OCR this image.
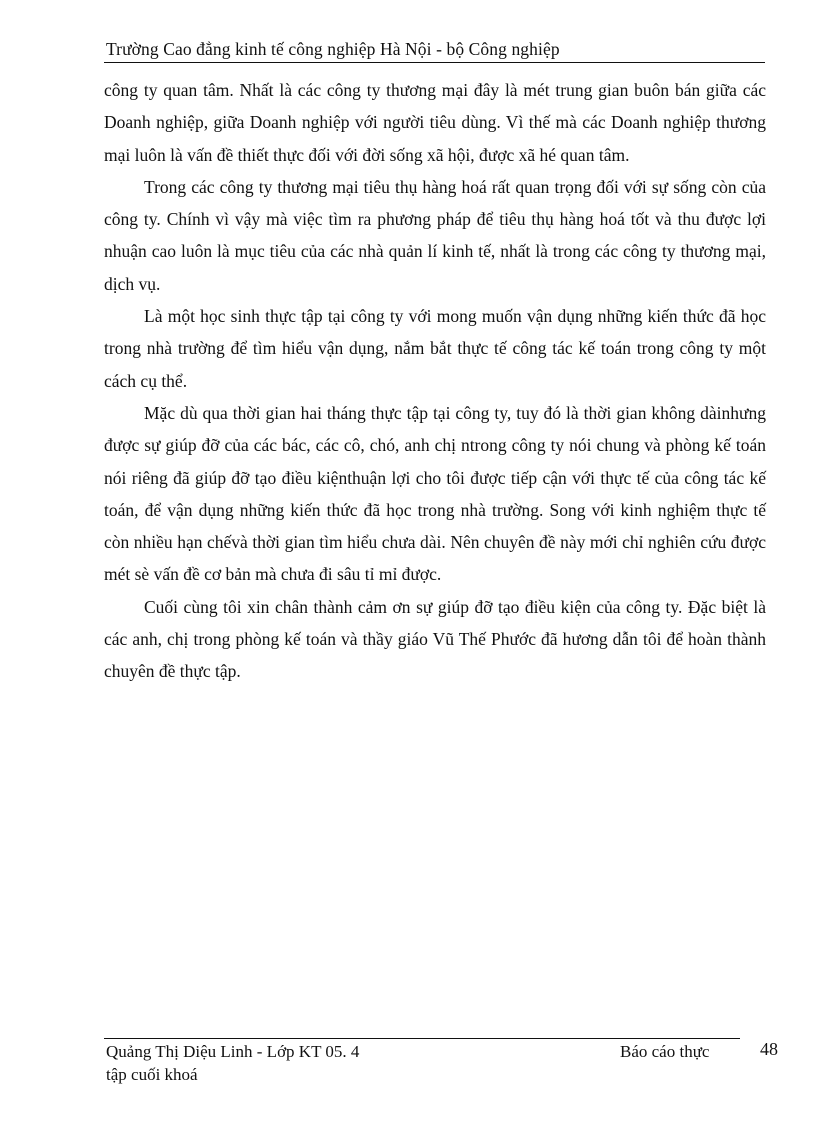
Trường Cao đẳng kinh tế công nghiệp Hà Nội - bộ Công nghiệp

công ty quan tâm. Nhất là các công ty thương mại đây là mét trung gian buôn bán giữa các Doanh nghiệp, giữa Doanh nghiệp với người tiêu dùng. Vì thế mà các Doanh nghiệp thương mại luôn là vấn đề thiết thực đối với đời sống xã hội, được xã hé quan tâm.

Trong các công ty thương mại tiêu thụ hàng hoá rất quan trọng đối với sự sống còn của công ty. Chính vì vậy mà việc tìm ra phương pháp để tiêu thụ hàng hoá tốt và thu được lợi nhuận cao luôn là mục tiêu của các nhà quản lí kinh tế, nhất là trong các công ty thương mại, dịch vụ.

Là một học sinh thực tập tại công ty với mong muốn vận dụng những kiến thức đã học trong nhà trường để tìm hiểu vận dụng, nắm bắt thực tế công tác kế toán trong công ty một cách cụ thể.

Mặc dù qua thời gian hai tháng thực tập tại công ty, tuy đó là thời gian không dàinhưng được sự giúp đỡ của các bác, các cô, chó, anh chị ntrong công ty nói chung và phòng kế toán nói riêng đã giúp đỡ tạo điều kiệnthuận lợi cho tôi được tiếp cận với thực tế của công tác kế toán, để vận dụng những kiến thức đã học trong nhà trường. Song với kinh nghiệm thực tế còn nhiều hạn chếvà thời gian tìm hiểu chưa dài. Nên chuyên đề này mới chỉ nghiên cứu được mét sè vấn đề cơ bản mà chưa đi sâu tỉ mỉ được.

Cuối cùng tôi xin chân thành cảm ơn sự giúp đỡ tạo điều kiện của công ty. Đặc biệt là các anh, chị trong phòng kế toán và thầy giáo Vũ Thế Phước đã hương dẫn tôi để hoàn thành chuyên đề thực tập.

Quảng Thị Diệu Linh - Lớp KT 05. 4	Báo cáo thực
tập cuối khoá
48
